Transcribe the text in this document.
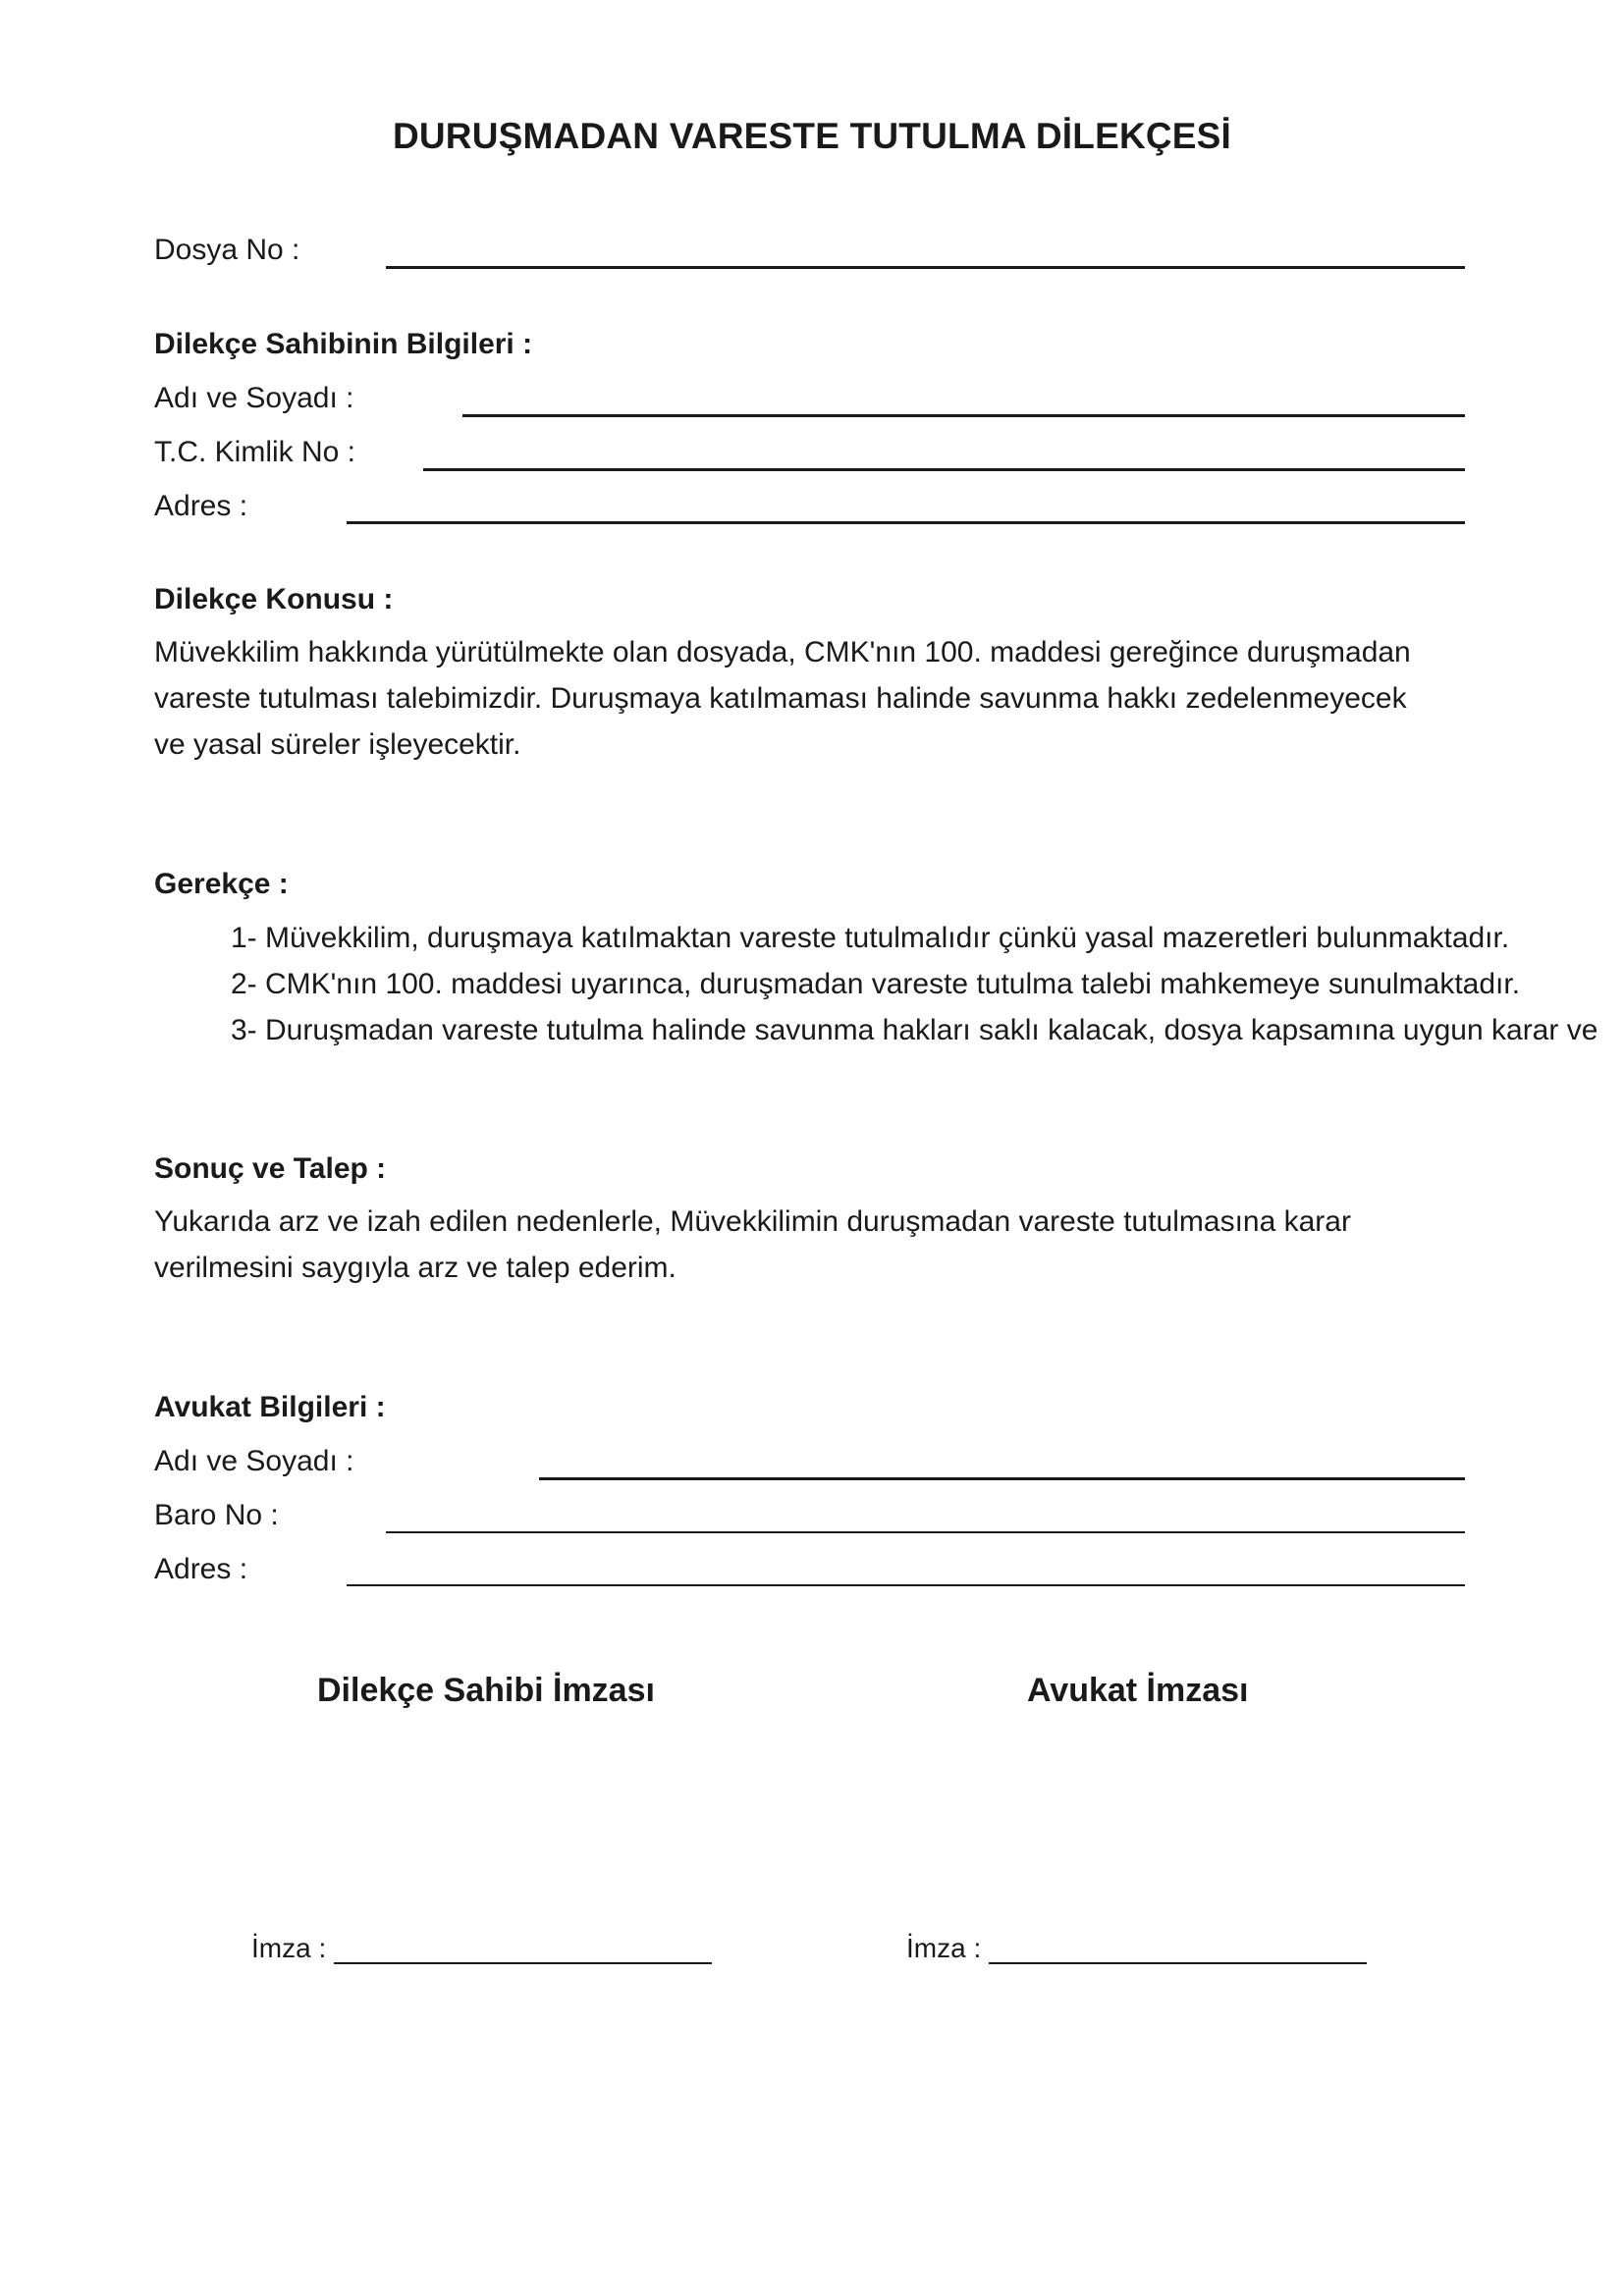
DURUŞMADAN VARESTE TUTULMA DİLEKÇESİ
Dosya No :
Dilekçe Sahibinin Bilgileri :
Adı ve Soyadı :
T.C. Kimlik No :
Adres :
Dilekçe Konusu :
Müvekkilim hakkında yürütülmekte olan dosyada, CMK'nın 100. maddesi gereğince duruşmadan
vareste tutulması talebimizdir. Duruşmaya katılmaması halinde savunma hakkı zedelenmeyecek
ve yasal süreler işleyecektir.
Gerekçe :
1- Müvekkilim, duruşmaya katılmaktan vareste tutulmalıdır çünkü yasal mazeretleri bulunmaktadır.
2- CMK'nın 100. maddesi uyarınca, duruşmadan vareste tutulma talebi mahkemeye sunulmaktadır.
3- Duruşmadan vareste tutulma halinde savunma hakları saklı kalacak, dosya kapsamına uygun karar ve
Sonuç ve Talep :
Yukarıda arz ve izah edilen nedenlerle, Müvekkilimin duruşmadan vareste tutulmasına karar
verilmesini saygıyla arz ve talep ederim.
Avukat Bilgileri :
Adı ve Soyadı :
Baro No :
Adres :
Dilekçe Sahibi İmzası	Avukat İmzası
İmza :	İmza :
